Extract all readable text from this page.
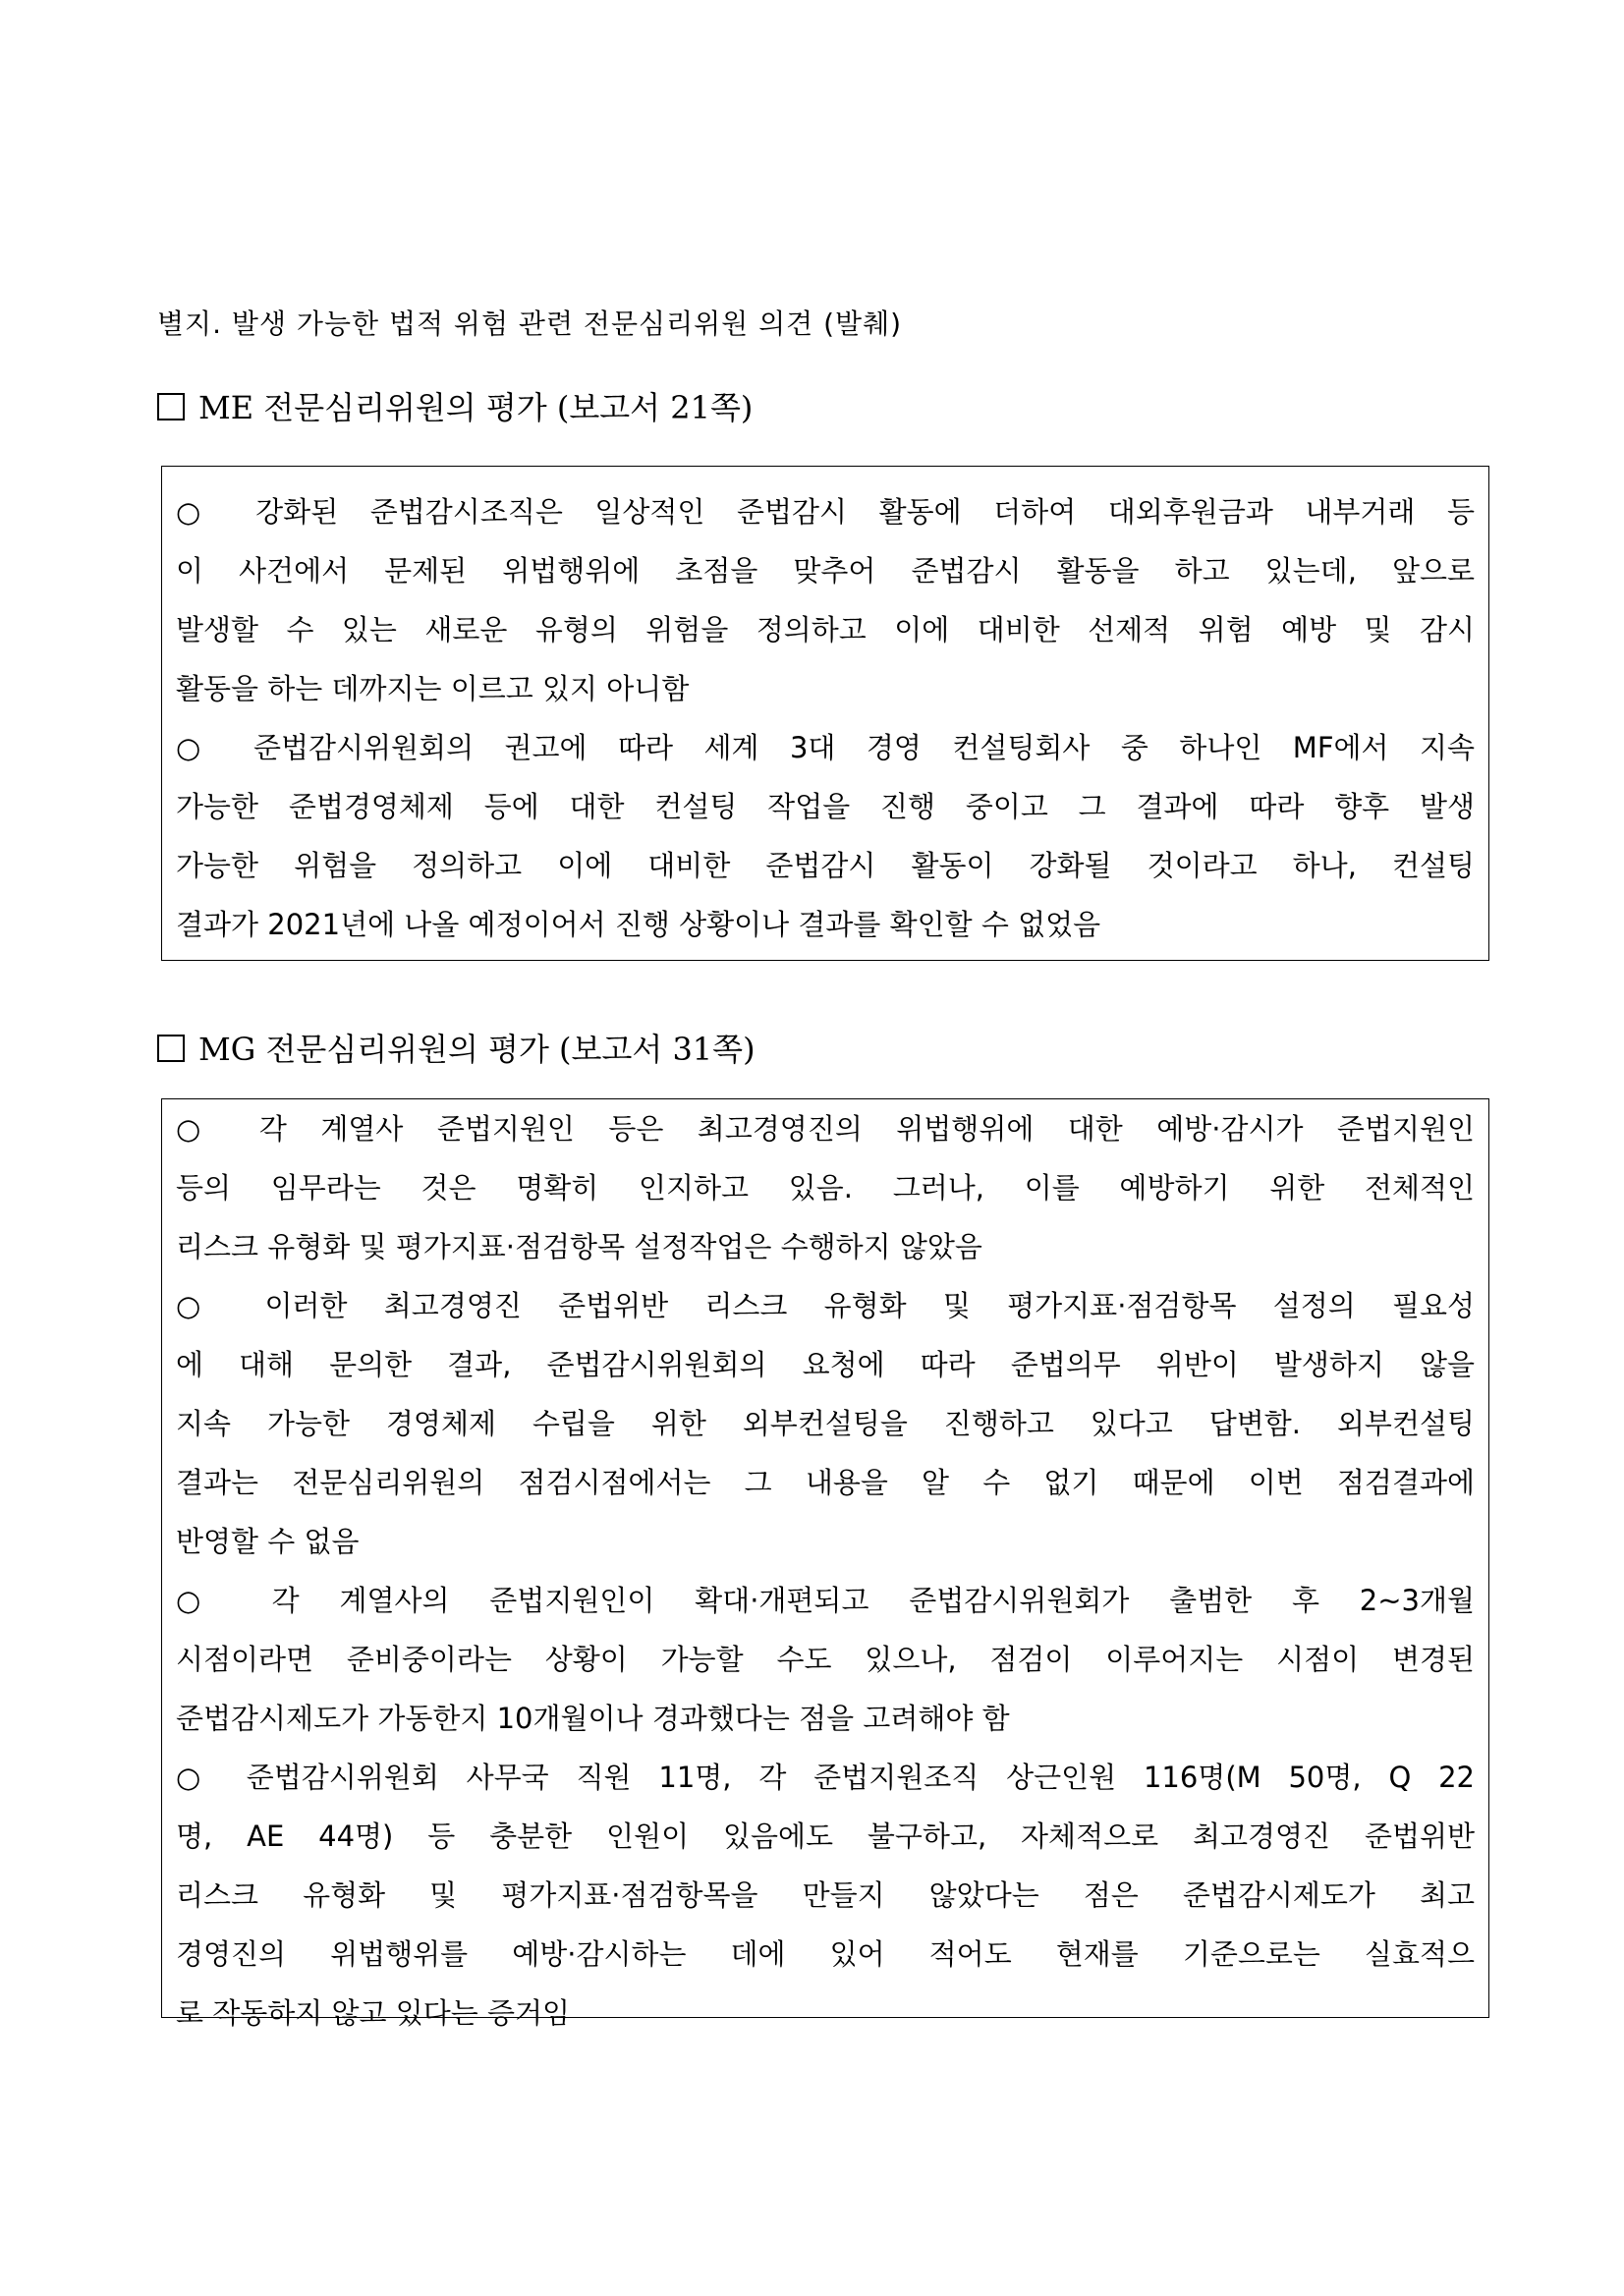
별지. 발생 가능한 법적 위험 관련 전문심리위원 의견 (발췌)
ME 전문심리위원의 평가 (보고서 21쪽)
○ 강화된 준법감시조직은 일상적인 준법감시 활동에 더하여 대외후원금과 내부거래 등
이 사건에서 문제된 위법행위에 초점을 맞추어 준법감시 활동을 하고 있는데, 앞으로
발생할 수 있는 새로운 유형의 위험을 정의하고 이에 대비한 선제적 위험 예방 및 감시
활동을 하는 데까지는 이르고 있지 아니함
○ 준법감시위원회의 권고에 따라 세계 3대 경영 컨설팅회사 중 하나인 MF에서 지속
가능한 준법경영체제 등에 대한 컨설팅 작업을 진행 중이고 그 결과에 따라 향후 발생
가능한 위험을 정의하고 이에 대비한 준법감시 활동이 강화될 것이라고 하나, 컨설팅
결과가 2021년에 나올 예정이어서 진행 상황이나 결과를 확인할 수 없었음
MG 전문심리위원의 평가 (보고서 31쪽)
○ 각 계열사 준법지원인 등은 최고경영진의 위법행위에 대한 예방·감시가 준법지원인
등의 임무라는 것은 명확히 인지하고 있음. 그러나, 이를 예방하기 위한 전체적인
리스크 유형화 및 평가지표·점검항목 설정작업은 수행하지 않았음
○ 이러한 최고경영진 준법위반 리스크 유형화 및 평가지표·점검항목 설정의 필요성
에 대해 문의한 결과, 준법감시위원회의 요청에 따라 준법의무 위반이 발생하지 않을
지속 가능한 경영체제 수립을 위한 외부컨설팅을 진행하고 있다고 답변함. 외부컨설팅
결과는 전문심리위원의 점검시점에서는 그 내용을 알 수 없기 때문에 이번 점검결과에
반영할 수 없음
○ 각 계열사의 준법지원인이 확대·개편되고 준법감시위원회가 출범한 후 2~3개월
시점이라면 준비중이라는 상황이 가능할 수도 있으나, 점검이 이루어지는 시점이 변경된
준법감시제도가 가동한지 10개월이나 경과했다는 점을 고려해야 함
○ 준법감시위원회 사무국 직원 11명, 각 준법지원조직 상근인원 116명(M 50명, Q 22
명, AE 44명) 등 충분한 인원이 있음에도 불구하고, 자체적으로 최고경영진 준법위반
리스크 유형화 및 평가지표·점검항목을 만들지 않았다는 점은 준법감시제도가 최고
경영진의 위법행위를 예방·감시하는 데에 있어 적어도 현재를 기준으로는 실효적으
로 작동하지 않고 있다는 증거임
